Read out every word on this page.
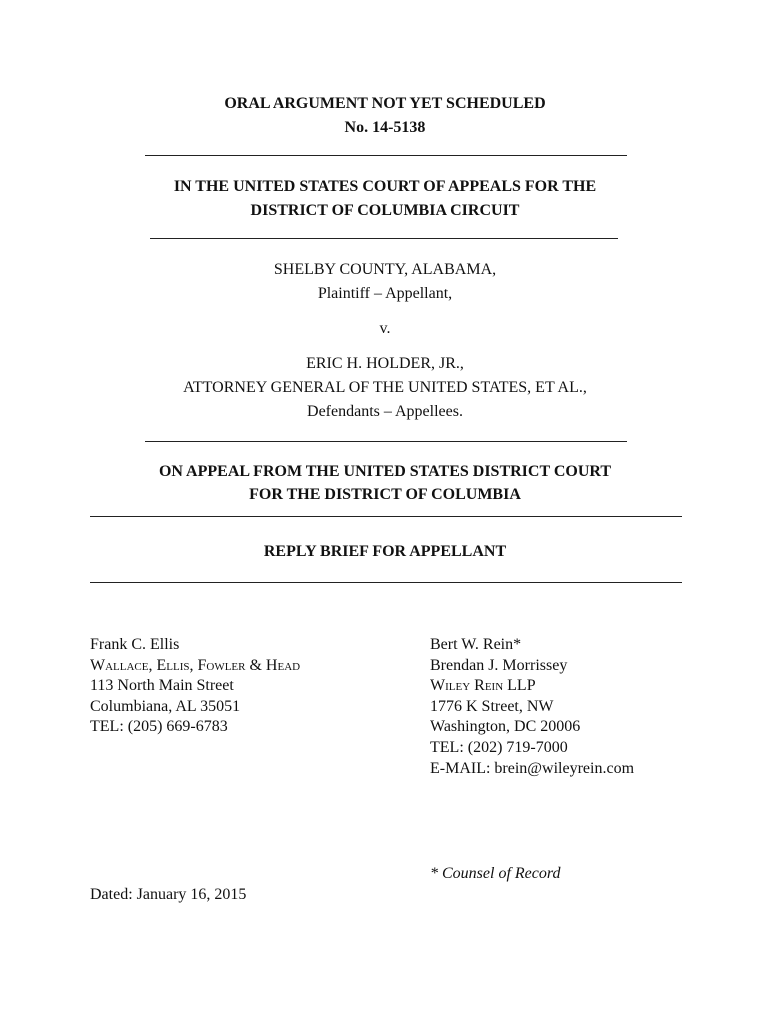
ORAL ARGUMENT NOT YET SCHEDULED
No. 14-5138
IN THE UNITED STATES COURT OF APPEALS FOR THE
DISTRICT OF COLUMBIA CIRCUIT
SHELBY COUNTY, ALABAMA,
Plaintiff – Appellant,
v.
ERIC H. HOLDER, JR.,
ATTORNEY GENERAL OF THE UNITED STATES, ET AL.,
Defendants – Appellees.
ON APPEAL FROM THE UNITED STATES DISTRICT COURT
FOR THE DISTRICT OF COLUMBIA
REPLY BRIEF FOR APPELLANT
Frank C. Ellis
Wallace, Ellis, Fowler & Head
113 North Main Street
Columbiana, AL 35051
TEL: (205) 669-6783
Bert W. Rein*
Brendan J. Morrissey
Wiley Rein LLP
1776 K Street, NW
Washington, DC 20006
TEL: (202) 719-7000
E-MAIL: brein@wileyrein.com
* Counsel of Record
Dated: January 16, 2015
